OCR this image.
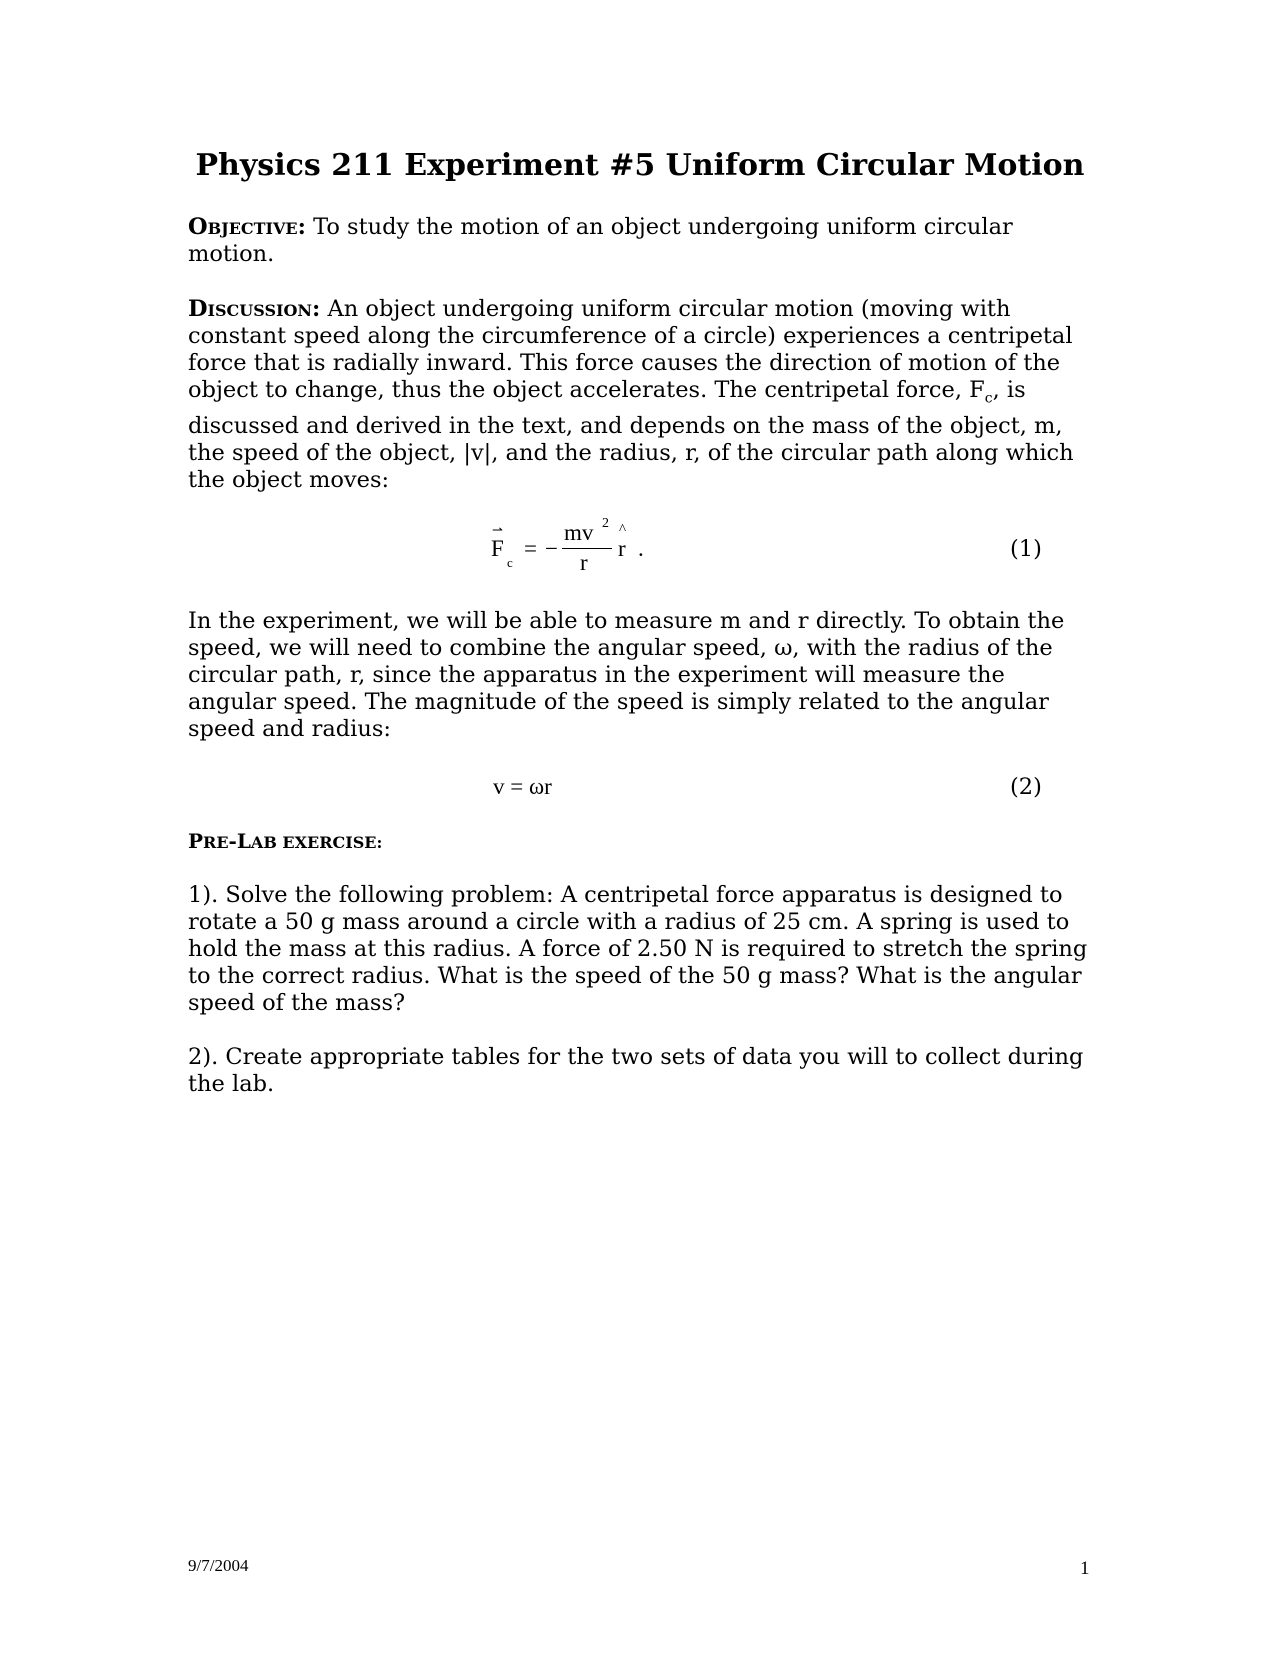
Physics 211 Experiment #5 Uniform Circular Motion
Objective: To study the motion of an object undergoing uniform circular motion.
Discussion: An object undergoing uniform circular motion (moving with constant speed along the circumference of a circle) experiences a centripetal force that is radially inward. This force causes the direction of motion of the object to change, thus the object accelerates. The centripetal force, $F_c$, is discussed and derived in the text, and depends on the mass of the object, m, the speed of the object, |v|, and the radius, r, of the circular path along which the object moves:
⇀
F
c
= −
mv 2
r
^
r .	(1)
In the experiment, we will be able to measure m and r directly. To obtain the speed, we will need to combine the angular speed, ω, with the radius of the circular path, r, since the apparatus in the experiment will measure the angular speed. The magnitude of the speed is simply related to the angular speed and radius:
v = ωr	(2)
PRE-LAB EXERCISE:
1). Solve the following problem: A centripetal force apparatus is designed to rotate a 50 g mass around a circle with a radius of 25 cm. A spring is used to hold the mass at this radius. A force of 2.50 N is required to stretch the spring to the correct radius. What is the speed of the 50 g mass? What is the angular speed of the mass?
2). Create appropriate tables for the two sets of data you will to collect during the lab.
9/7/2004	1
